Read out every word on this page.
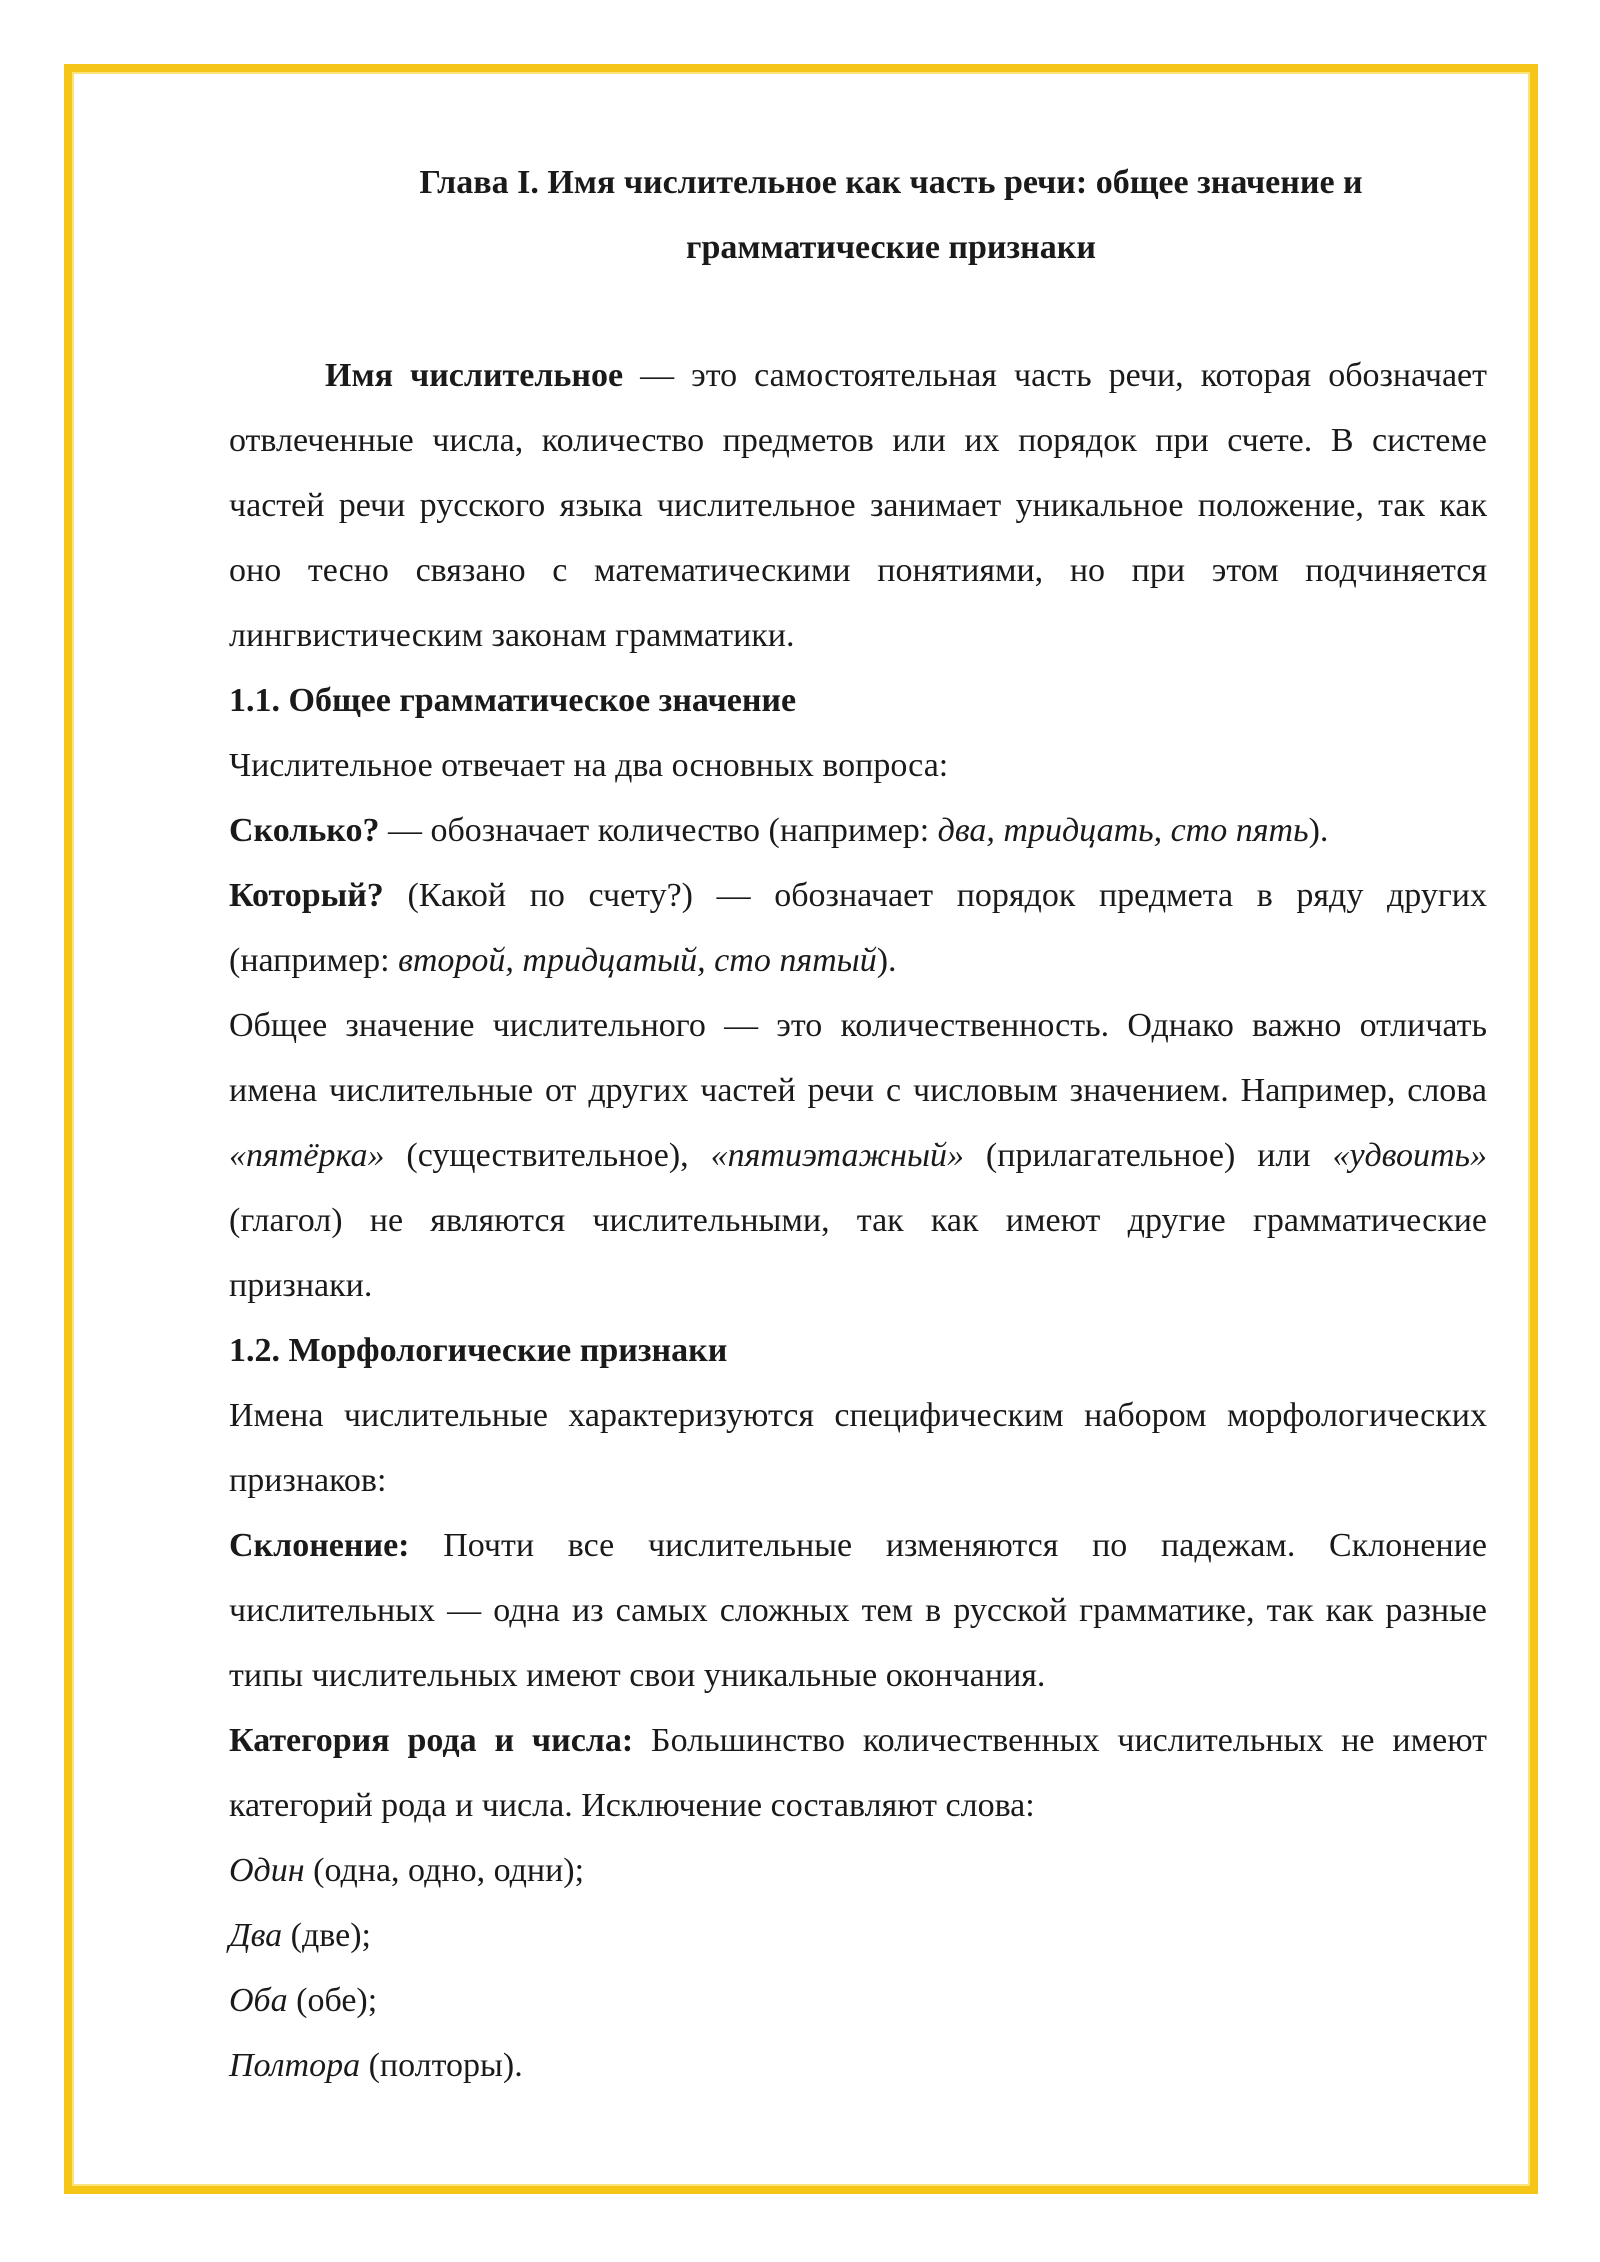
Глава I. Имя числительное как часть речи: общее значение и
грамматические признаки

Имя числительное — это самостоятельная часть речи, которая обозначает отвлеченные числа, количество предметов или их порядок при счете. В системе частей речи русского языка числительное занимает уникальное положение, так как оно тесно связано с математическими понятиями, но при этом подчиняется лингвистическим законам грамматики.

1.1. Общее грамматическое значение

Числительное отвечает на два основных вопроса:

Сколько? — обозначает количество (например: два, тридцать, сто пять).

Который? (Какой по счету?) — обозначает порядок предмета в ряду других (например: второй, тридцатый, сто пятый).

Общее значение числительного — это количественность. Однако важно отличать имена числительные от других частей речи с числовым значением. Например, слова «пятёрка» (существительное), «пятиэтажный» (прилагательное) или «удвоить» (глагол) не являются числительными, так как имеют другие грамматические признаки.

1.2. Морфологические признаки

Имена числительные характеризуются специфическим набором морфологических признаков:

Склонение: Почти все числительные изменяются по падежам. Склонение числительных — одна из самых сложных тем в русской грамматике, так как разные типы числительных имеют свои уникальные окончания.

Категория рода и числа: Большинство количественных числительных не имеют категорий рода и числа. Исключение составляют слова:

Один (одна, одно, одни);

Два (две);

Оба (обе);

Полтора (полторы).
